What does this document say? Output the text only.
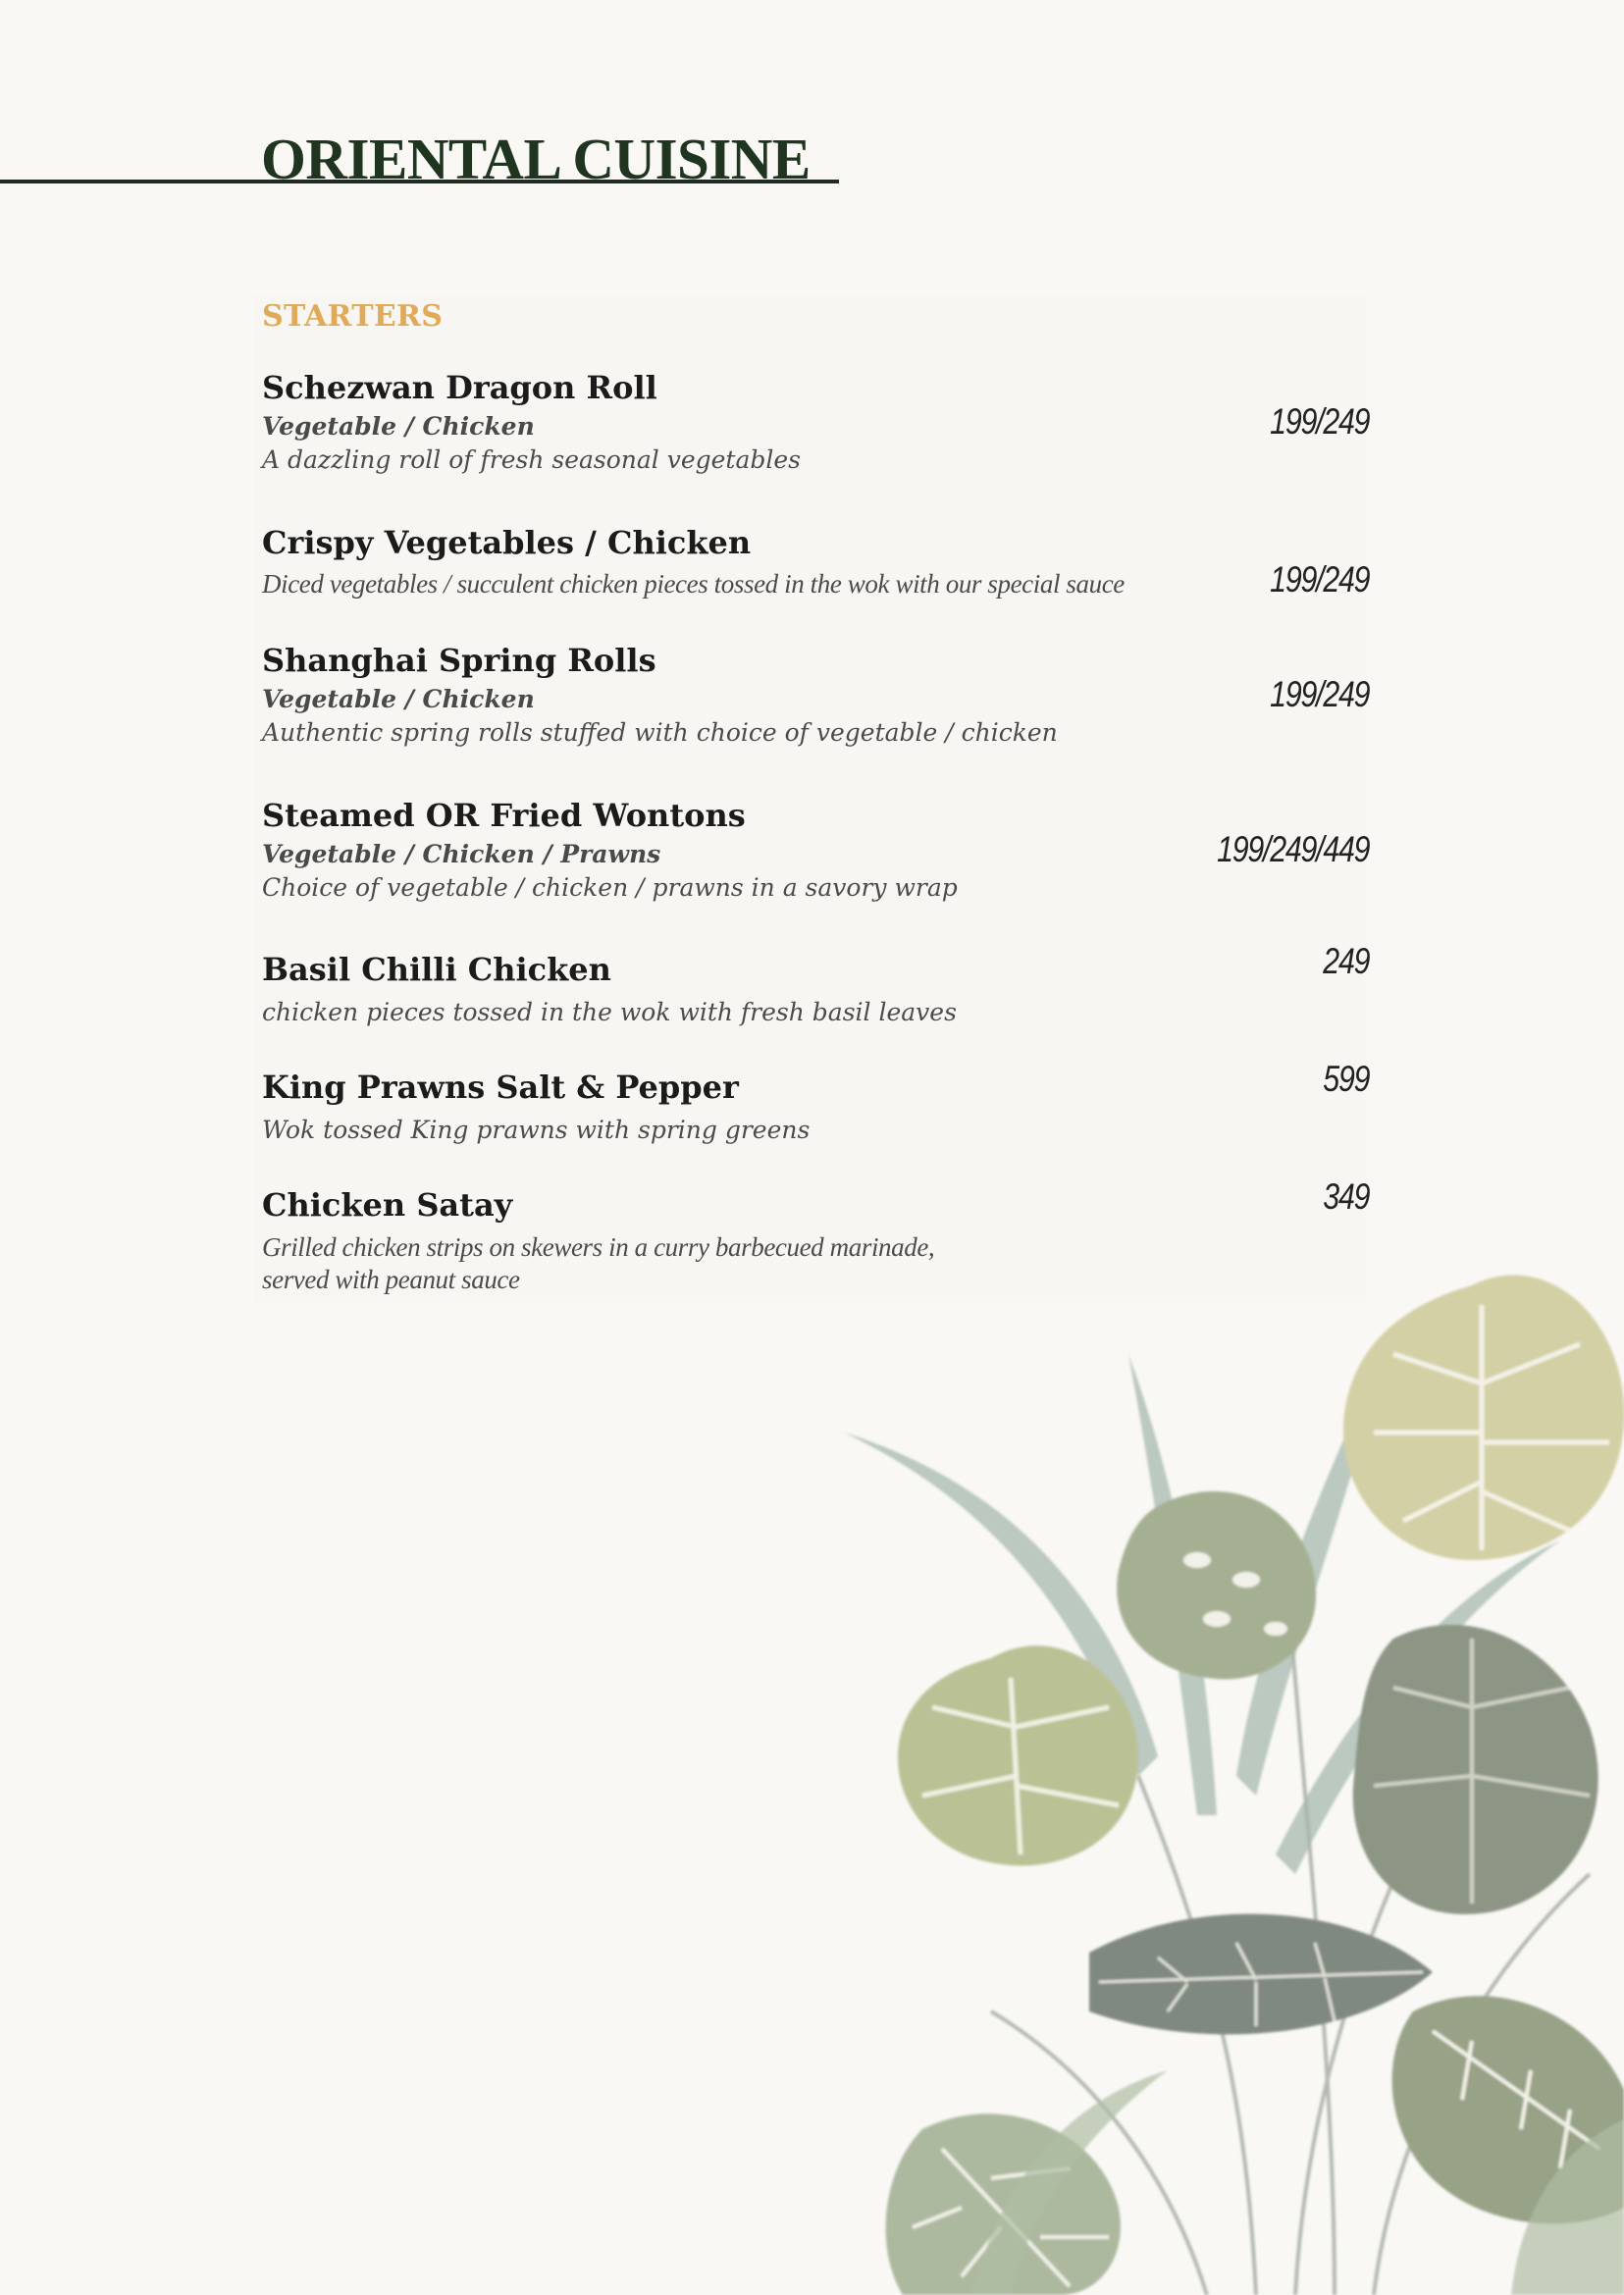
ORIENTAL CUISINE
STARTERS
Schezwan Dragon Roll
Vegetable / Chicken
A dazzling roll of fresh seasonal vegetables
199/249
Crispy Vegetables / Chicken
Diced vegetables / succulent chicken pieces tossed in the wok with our special sauce	199/249
Shanghai Spring Rolls
Vegetable / Chicken
Authentic spring rolls stuffed with choice of vegetable / chicken
199/249
Steamed OR Fried Wontons
Vegetable / Chicken / Prawns
Choice of vegetable / chicken / prawns in a savory wrap
199/249/449
Basil Chilli Chicken
chicken pieces tossed in the wok with fresh basil leaves
249
King Prawns Salt & Pepper
Wok tossed King prawns with spring greens
599
Chicken Satay
Grilled chicken strips on skewers in a curry barbecued marinade,
served with peanut sauce
349
